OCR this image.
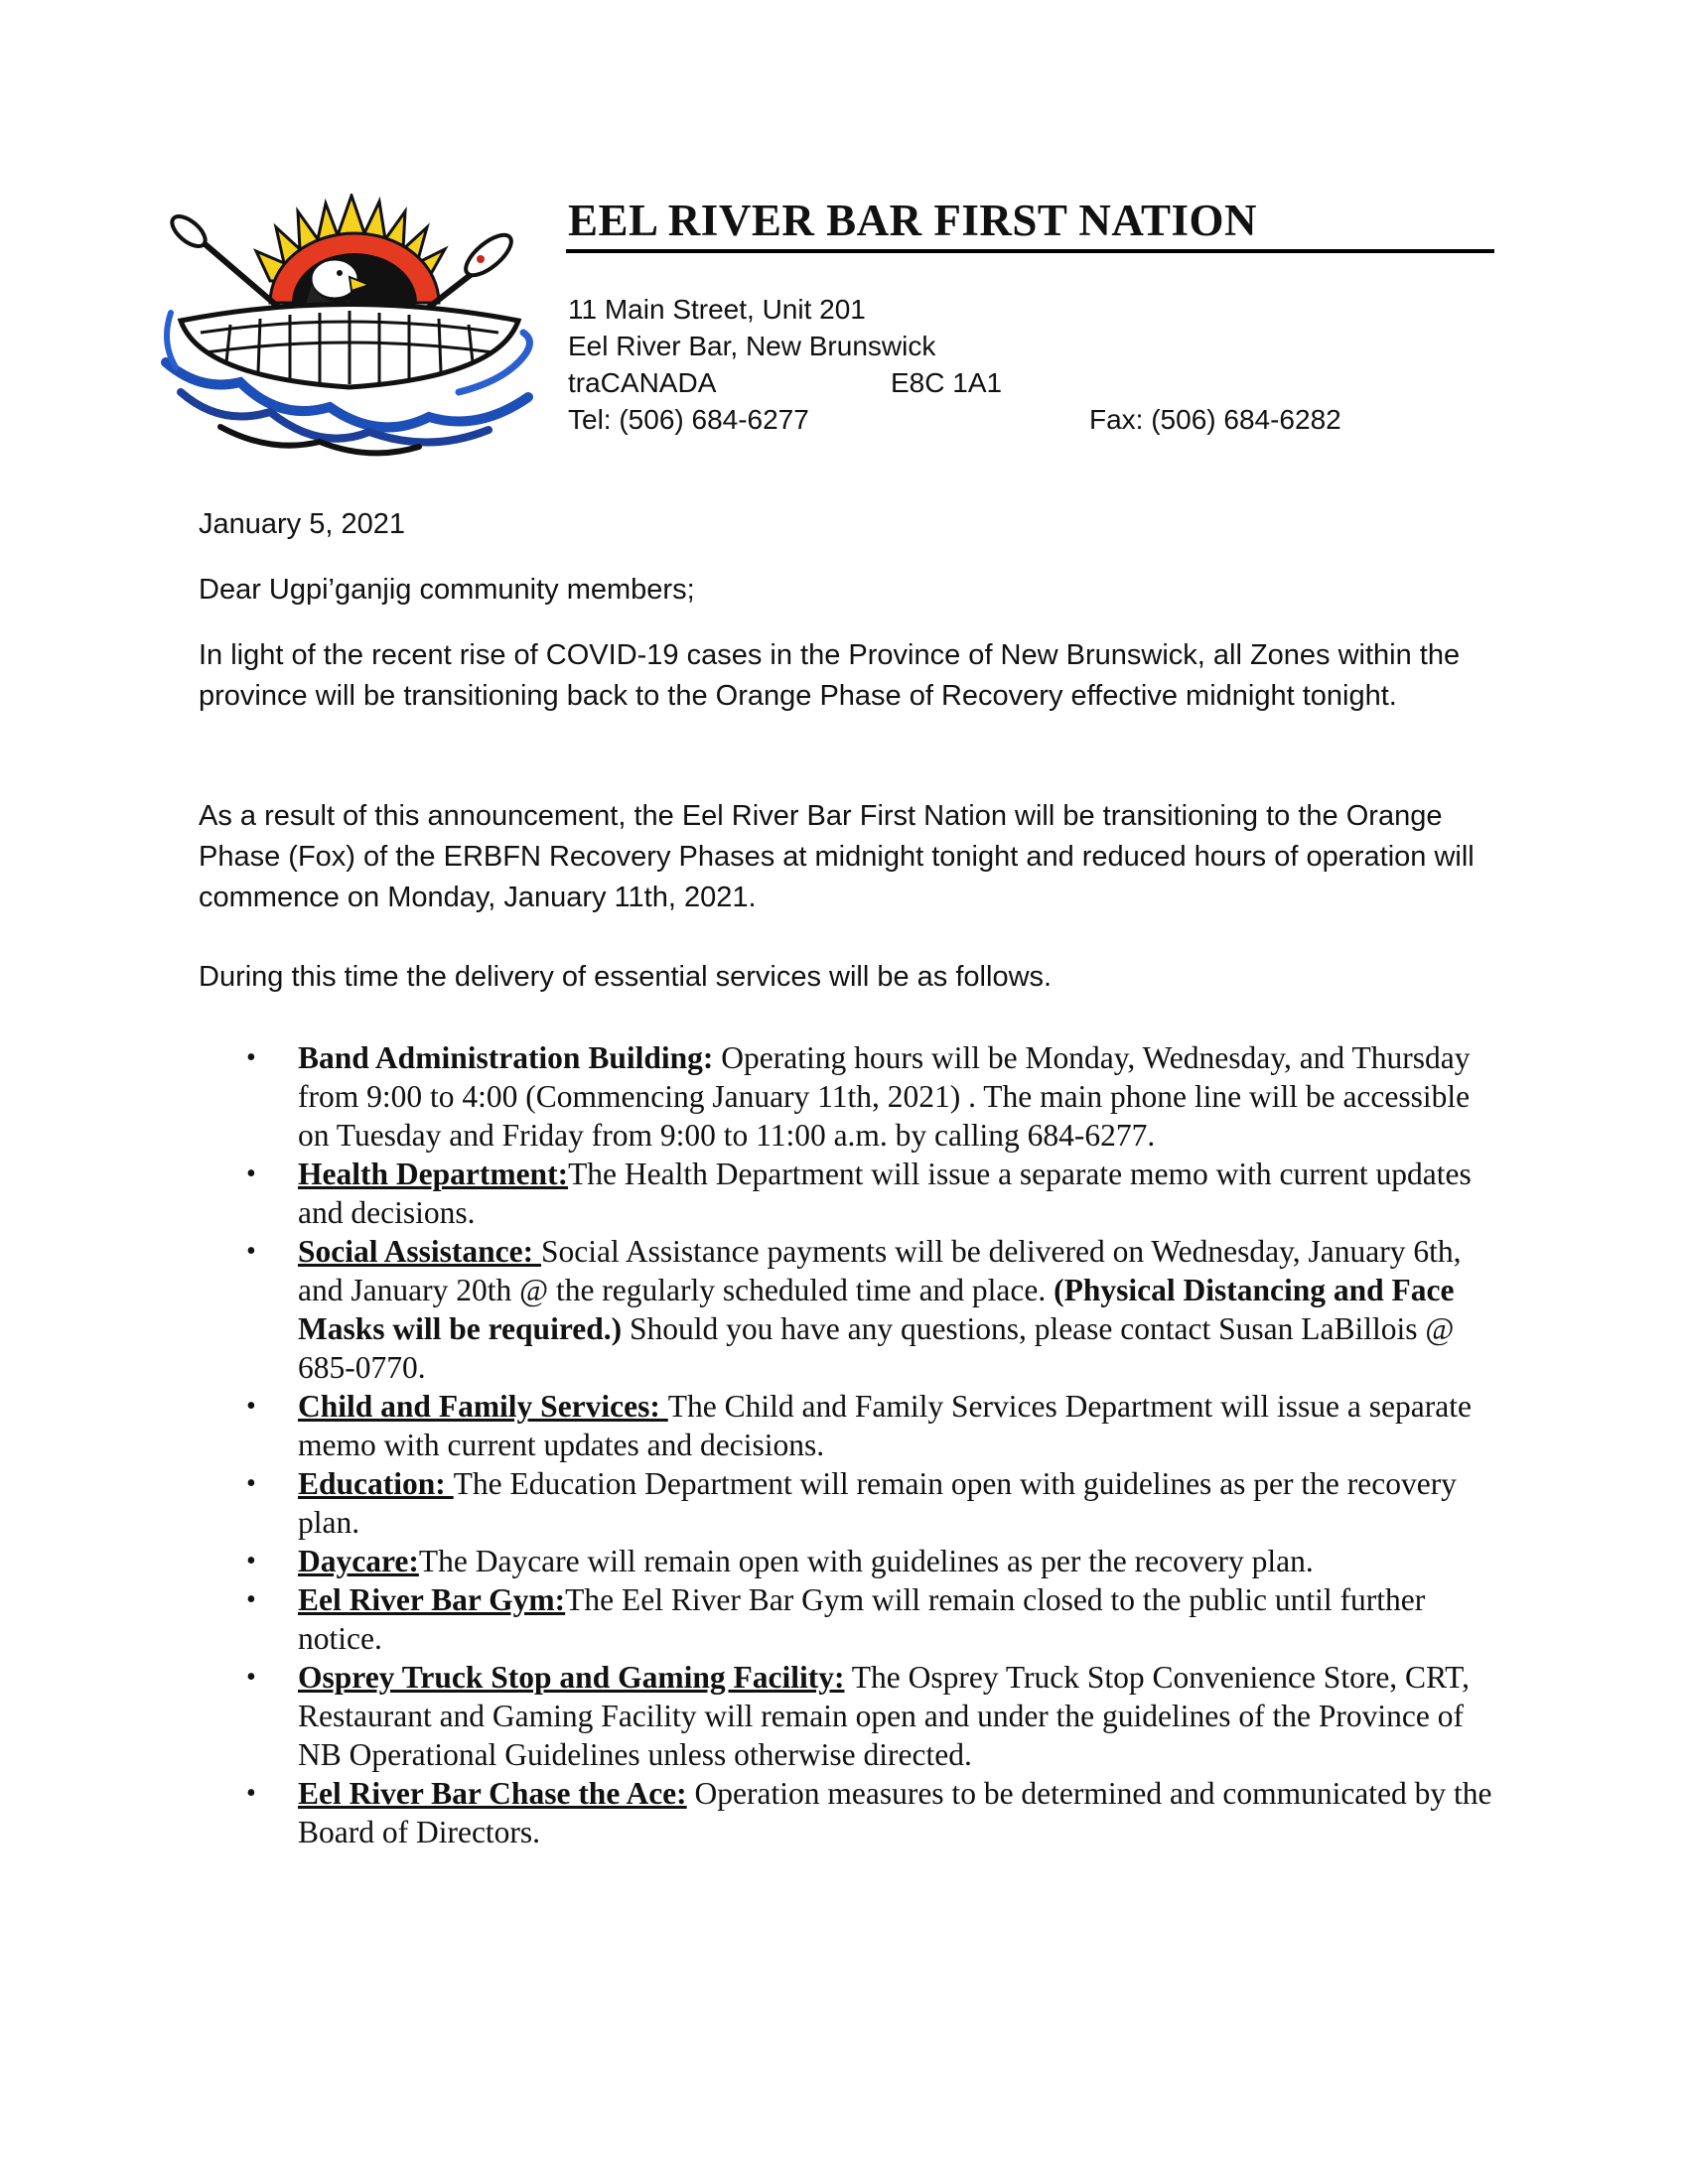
EEL RIVER BAR FIRST NATION
11 Main Street, Unit 201
Eel River Bar, New Brunswick
traCANADA	E8C 1A1
Tel: (506) 684-6277	Fax: (506) 684-6282
January 5, 2021
Dear Ugpi’ganjig community members;
In light of the recent rise of COVID-19 cases in the Province of New Brunswick, all Zones within the province will be transitioning back to the Orange Phase of Recovery effective midnight tonight.
As a result of this announcement, the Eel River Bar First Nation will be transitioning to the Orange Phase (Fox) of the ERBFN Recovery Phases at midnight tonight and reduced hours of operation will commence on Monday, January 11th, 2021.
During this time the delivery of essential services will be as follows.
• Band Administration Building: Operating hours will be Monday, Wednesday, and Thursday from 9:00 to 4:00 (Commencing January 11th, 2021) . The main phone line will be accessible on Tuesday and Friday from 9:00 to 11:00 a.m. by calling 684-6277.
• Health Department:The Health Department will issue a separate memo with current updates and decisions.
• Social Assistance: Social Assistance payments will be delivered on Wednesday, January 6th, and January 20th @ the regularly scheduled time and place. (Physical Distancing and Face Masks will be required.) Should you have any questions, please contact Susan LaBillois @ 685-0770.
• Child and Family Services: The Child and Family Services Department will issue a separate memo with current updates and decisions.
• Education: The Education Department will remain open with guidelines as per the recovery plan.
• Daycare:The Daycare will remain open with guidelines as per the recovery plan.
• Eel River Bar Gym:The Eel River Bar Gym will remain closed to the public until further notice.
• Osprey Truck Stop and Gaming Facility: The Osprey Truck Stop Convenience Store, CRT, Restaurant and Gaming Facility will remain open and under the guidelines of the Province of NB Operational Guidelines unless otherwise directed.
• Eel River Bar Chase the Ace: Operation measures to be determined and communicated by the Board of Directors.
